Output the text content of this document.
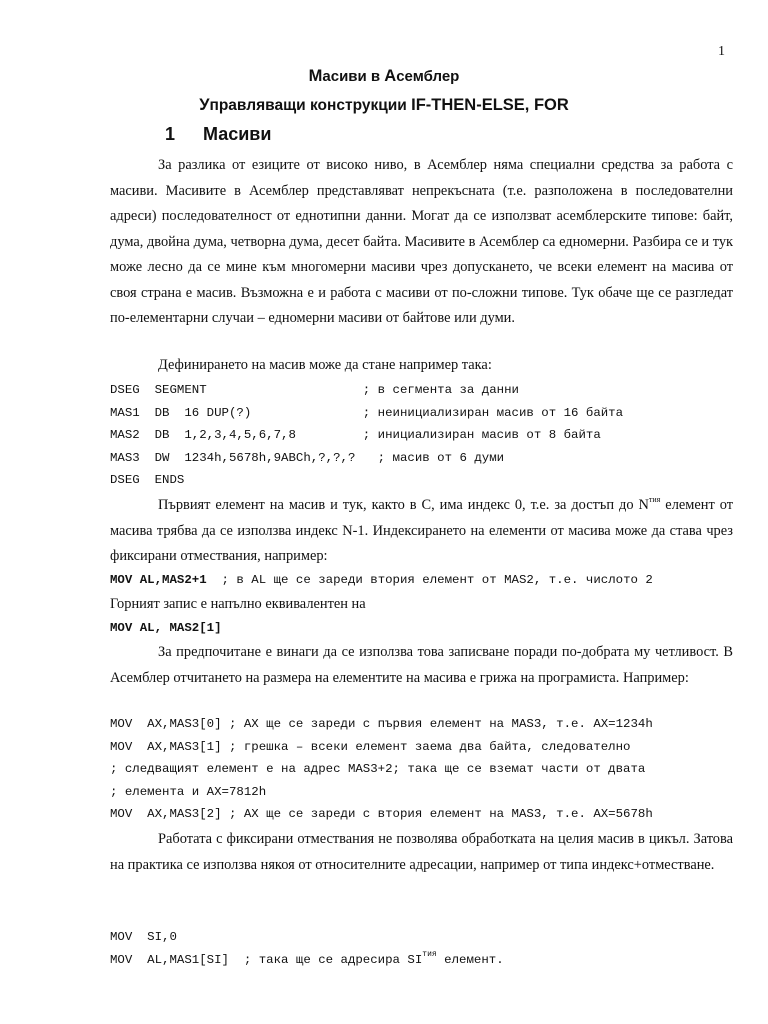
1
Масиви в Асемблер
Управляващи конструкции IF-THEN-ELSE, FOR
1 Масиви

За разлика от езиците от високо ниво, в Асемблер няма специални средства за работа с масиви. Масивите в Асемблер представляват непрекъсната (т.е. разположена в последователни адреси) последователност от еднотипни данни. Могат да се използват асемблерските типове: байт, дума, двойна дума, четворна дума, десет байта. Масивите в Асемблер са едномерни. Разбира се и тук може лесно да се мине към многомерни масиви чрез допускането, че всеки елемент на масива от своя страна е масив. Възможна е и работа с масиви от по-сложни типове. Тук обаче ще се разгледат по-елементарни случаи – едномерни масиви от байтове или думи.

Дефинирането на масив може да стане например така:

DSEG  SEGMENT                     ; в сегмента за данни
MAS1  DB  16 DUP(?)               ; неинициализиран масив от 16 байта
MAS2  DB  1,2,3,4,5,6,7,8         ; инициализиран масив от 8 байта
MAS3  DW  1234h,5678h,9ABCh,?,?,?   ; масив от 6 думи
DSEG  ENDS

Първият елемент на масив и тук, както в С, има индекс 0, т.е. за достъп до $N^{тия}$ елемент от масива трябва да се използва индекс N-1. Индексирането на елементи от масива може да става чрез фиксирани отмествания, например:

MOV AL,MAS2+1  ; в AL ще се зареди втория елемент от MAS2, т.е. числото 2

Горният запис е напълно еквивалентен на

MOV AL, MAS2[1]

За предпочитане е винаги да се използва това записване поради по-добрата му четливост. В Асемблер отчитането на размера на елементите на масива е грижа на програмиста. Например:

MOV  AX,MAS3[0] ; AX ще се зареди с първия елемент на MAS3, т.е. AX=1234h
MOV  AX,MAS3[1] ; грешка – всеки елемент заема два байта, следователно
; следващият елемент е на адрес MAS3+2; така ще се вземат части от двата
; елемента и AX=7812h
MOV  AX,MAS3[2] ; AX ще се зареди с втория елемент на MAS3, т.е. AX=5678h

Работата с фиксирани отмествания не позволява обработката на целия масив в цикъл. Затова на практика се използва някоя от относителните адресации, например от типа индекс+отместване.

MOV  SI,0
MOV  AL,MAS1[SI]  ; така ще се адресира $SI^{тия}$ елемент.
